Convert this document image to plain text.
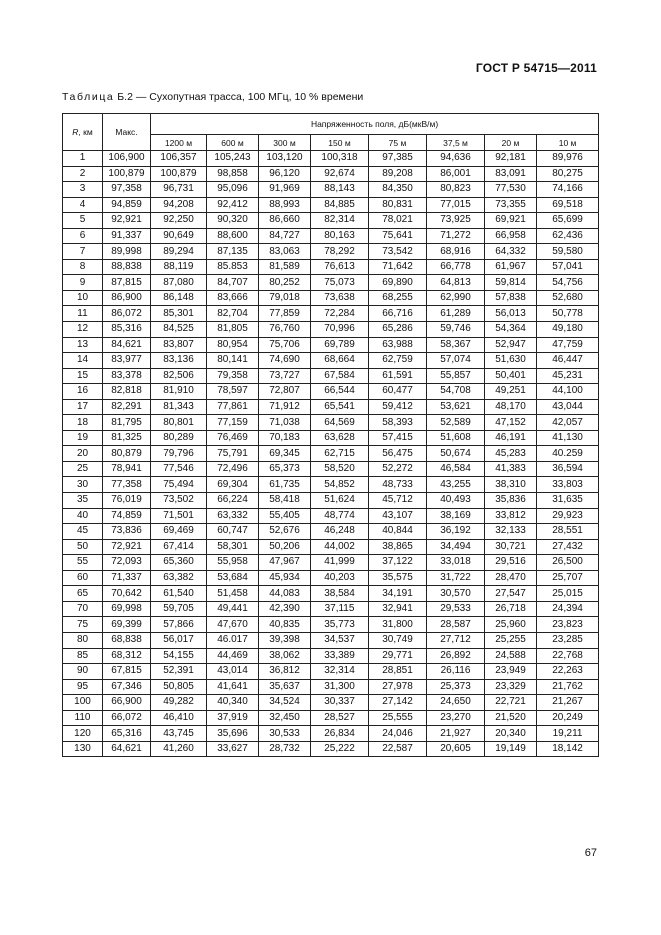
ГОСТ Р 54715—2011
Таблица Б.2 — Сухопутная трасса, 100 МГц, 10 % времени
R, км	Макс.	Напряженность поля, дБ(мкВ/м)							
		1200 м	600 м	300 м	150 м	75 м	37,5 м	20 м	10 м
1	106,900	106,357	105,243	103,120	100,318	97,385	94,636	92,181	89,976
2	100,879	100,879	98,858	96,120	92,674	89,208	86,001	83,091	80,275
3	97,358	96,731	95,096	91,969	88,143	84,350	80,823	77,530	74,166
4	94,859	94,208	92,412	88,993	84,885	80,831	77,015	73,355	69,518
5	92,921	92,250	90,320	86,660	82,314	78,021	73,925	69,921	65,699
6	91,337	90,649	88,600	84,727	80,163	75,641	71,272	66,958	62,436
7	89,998	89,294	87,135	83,063	78,292	73,542	68,916	64,332	59,580
8	88,838	88,119	85.853	81,589	76,613	71,642	66,778	61,967	57,041
9	87,815	87,080	84,707	80,252	75,073	69,890	64,813	59,814	54,756
10	86,900	86,148	83,666	79,018	73,638	68,255	62,990	57,838	52,680
11	86,072	85,301	82,704	77,859	72,284	66,716	61,289	56,013	50,778
12	85,316	84,525	81,805	76,760	70,996	65,286	59,746	54,364	49,180
13	84,621	83,807	80,954	75,706	69,789	63,988	58,367	52,947	47,759
14	83,977	83,136	80,141	74,690	68,664	62,759	57,074	51,630	46,447
15	83,378	82,506	79,358	73,727	67,584	61,591	55,857	50,401	45,231
16	82,818	81,910	78,597	72,807	66,544	60,477	54,708	49,251	44,100
17	82,291	81,343	77,861	71,912	65,541	59,412	53,621	48,170	43,044
18	81,795	80,801	77,159	71,038	64,569	58,393	52,589	47,152	42,057
19	81,325	80,289	76,469	70,183	63,628	57,415	51,608	46,191	41,130
20	80,879	79,796	75,791	69,345	62,715	56,475	50,674	45,283	40.259
25	78,941	77,546	72,496	65,373	58,520	52,272	46,584	41,383	36,594
30	77,358	75,494	69,304	61,735	54,852	48,733	43,255	38,310	33,803
35	76,019	73,502	66,224	58,418	51,624	45,712	40,493	35,836	31,635
40	74,859	71,501	63,332	55,405	48,774	43,107	38,169	33,812	29,923
45	73,836	69,469	60,747	52,676	46,248	40,844	36,192	32,133	28,551
50	72,921	67,414	58,301	50,206	44,002	38,865	34,494	30,721	27,432
55	72,093	65,360	55,958	47,967	41,999	37,122	33,018	29,516	26,500
60	71,337	63,382	53,684	45,934	40,203	35,575	31,722	28,470	25,707
65	70,642	61,540	51,458	44,083	38,584	34,191	30,570	27,547	25,015
70	69,998	59,705	49,441	42,390	37,115	32,941	29,533	26,718	24,394
75	69,399	57,866	47,670	40,835	35,773	31,800	28,587	25,960	23,823
80	68,838	56,017	46.017	39,398	34,537	30,749	27,712	25,255	23,285
85	68,312	54,155	44,469	38,062	33,389	29,771	26,892	24,588	22,768
90	67,815	52,391	43,014	36,812	32,314	28,851	26,116	23,949	22,263
95	67,346	50,805	41,641	35,637	31,300	27,978	25,373	23,329	21,762
100	66,900	49,282	40,340	34,524	30,337	27,142	24,650	22,721	21,267
110	66,072	46,410	37,919	32,450	28,527	25,555	23,270	21,520	20,249
120	65,316	43,745	35,696	30,533	26,834	24,046	21,927	20,340	19,211
130	64,621	41,260	33,627	28,732	25,222	22,587	20,605	19,149	18,142
67
